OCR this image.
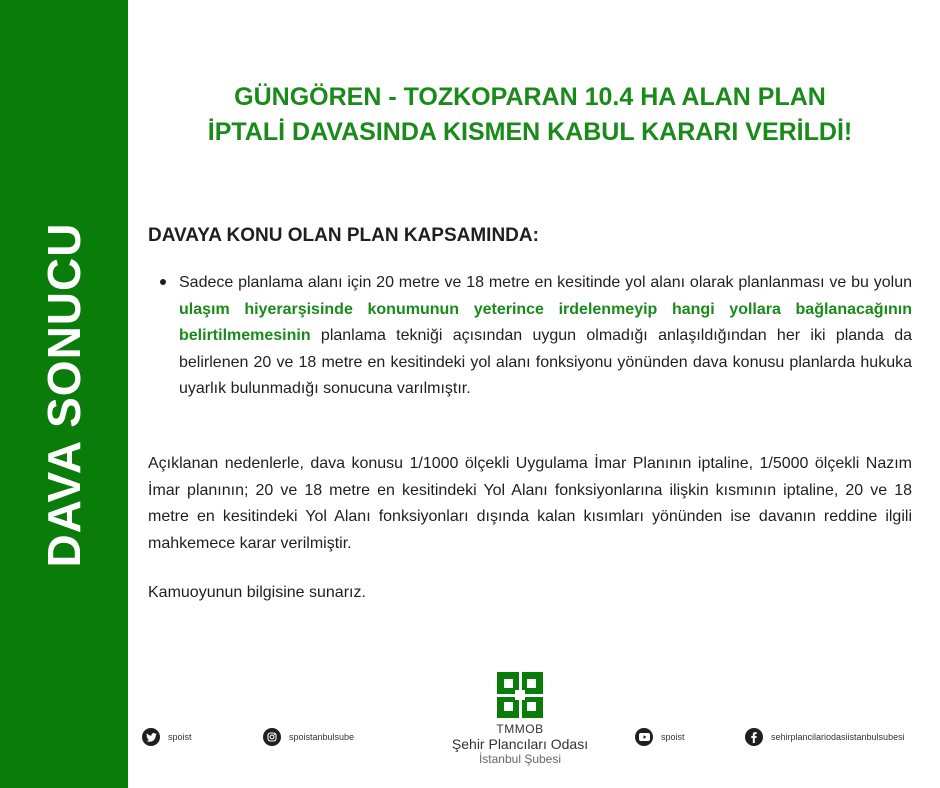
DAVA SONUCU
GÜNGÖREN - TOZKOPARAN 10.4 HA ALAN PLAN
İPTALİ DAVASINDA KISMEN KABUL KARARI VERİLDİ!
DAVAYA KONU OLAN PLAN KAPSAMINDA:

Sadece planlama alanı için 20 metre ve 18 metre en kesitinde yol alanı olarak planlanması ve bu yolun ulaşım hiyerarşisinde konumunun yeterince irdelenmeyip hangi yollara bağlanacağının belirtilmemesinin planlama tekniği açısından uygun olmadığı anlaşıldığından her iki planda da belirlenen 20 ve 18 metre en kesitindeki yol alanı fonksiyonu yönünden dava konusu planlarda hukuka uyarlık bulunmadığı sonucuna varılmıştır.

Açıklanan nedenlerle, dava konusu 1/1000 ölçekli Uygulama İmar Planının iptaline, 1/5000 ölçekli Nazım İmar planının; 20 ve 18 metre en kesitindeki Yol Alanı fonksiyonlarına ilişkin kısmının iptaline, 20 ve 18 metre en kesitindeki Yol Alanı fonksiyonları dışında kalan kısımları yönünden ise davanın reddine ilgili mahkemece karar verilmiştir.

Kamuoyunun bilgisine sunarız.

spoist	spoistanbulsube	spoist	sehirplancilariodasiistanbulsubesi
TMMOB
Şehir Plancıları Odası
İstanbul Şubesi
